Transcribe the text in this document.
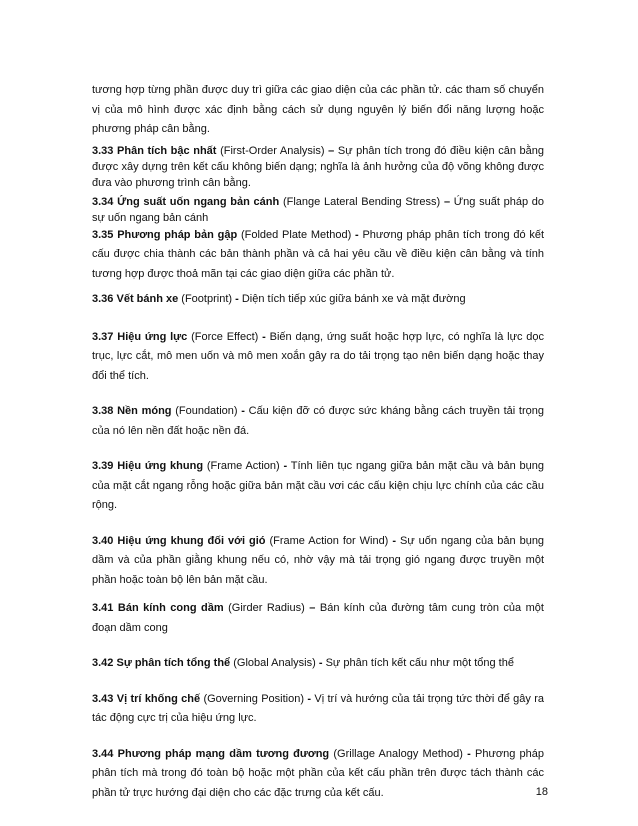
tương hợp từng phần được duy trì giữa các giao diện của các phần tử. các tham số chuyển vị của mô hình được xác định bằng cách sử dụng nguyên lý biến đổi năng lượng hoặc phương pháp cân bằng.

3.33 Phân tích bậc nhất (First-Order Analysis) – Sự phân tích trong đó điều kiện cân bằng được xây dựng trên kết cấu không biến dạng; nghĩa là ảnh hưởng của độ võng không được đưa vào phương trình cân bằng.

3.34 Ứng suất uốn ngang bản cánh (Flange Lateral Bending Stress) – Ứng suất pháp do sự uốn ngang bản cánh

3.35 Phương pháp bản gập (Folded Plate Method) - Phương pháp phân tích trong đó kết cấu được chia thành các bản thành phần và cả hai yêu cầu về điều kiện cân bằng và tính tương hợp được thoả mãn tại các giao diện giữa các phần tử.

3.36 Vết bánh xe (Footprint) - Diện tích tiếp xúc giữa bánh xe và mặt đường

3.37 Hiệu ứng lực (Force Effect) - Biến dạng, ứng suất hoặc hợp lực, có nghĩa là lực dọc trục, lực cắt, mô men uốn và mô men xoắn gây ra do tải trọng tạo nên biến dạng hoặc thay đổi thể tích.

3.38 Nền móng (Foundation) - Cấu kiện đỡ có được sức kháng bằng cách truyền tải trọng của nó lên nền đất hoặc nền đá.

3.39 Hiệu ứng khung (Frame Action) - Tính liên tục ngang giữa bản mặt cầu và bản bụng của mặt cắt ngang rỗng hoặc giữa bản mặt cầu vơi các cấu kiện chịu lực chính của các cầu rộng.

3.40 Hiệu ứng khung đối với gió (Frame Action for Wind) - Sự uốn ngang của bản bụng dầm và của phần giằng khung nếu có, nhờ vậy mà tải trọng gió ngang được truyền một phần hoặc toàn bộ lên bản mặt cầu.

3.41 Bán kính cong dầm (Girder Radius) – Bán kính của đường tâm cung tròn của một đoạn dầm cong

3.42 Sự phân tích tổng thể (Global Analysis) - Sự phân tích kết cấu như một tổng thể

3.43 Vị trí khống chế (Governing Position) - Vị trí và hướng của tải trọng tức thời để gây ra tác động cực trị của hiệu ứng lực.

3.44 Phương pháp mạng dầm tương đương (Grillage Analogy Method) - Phương pháp phân tích mà trong đó toàn bộ hoặc một phần của kết cấu phần trên được tách thành các phần tử trực hướng đại diện cho các đặc trưng của kết cấu.	18
